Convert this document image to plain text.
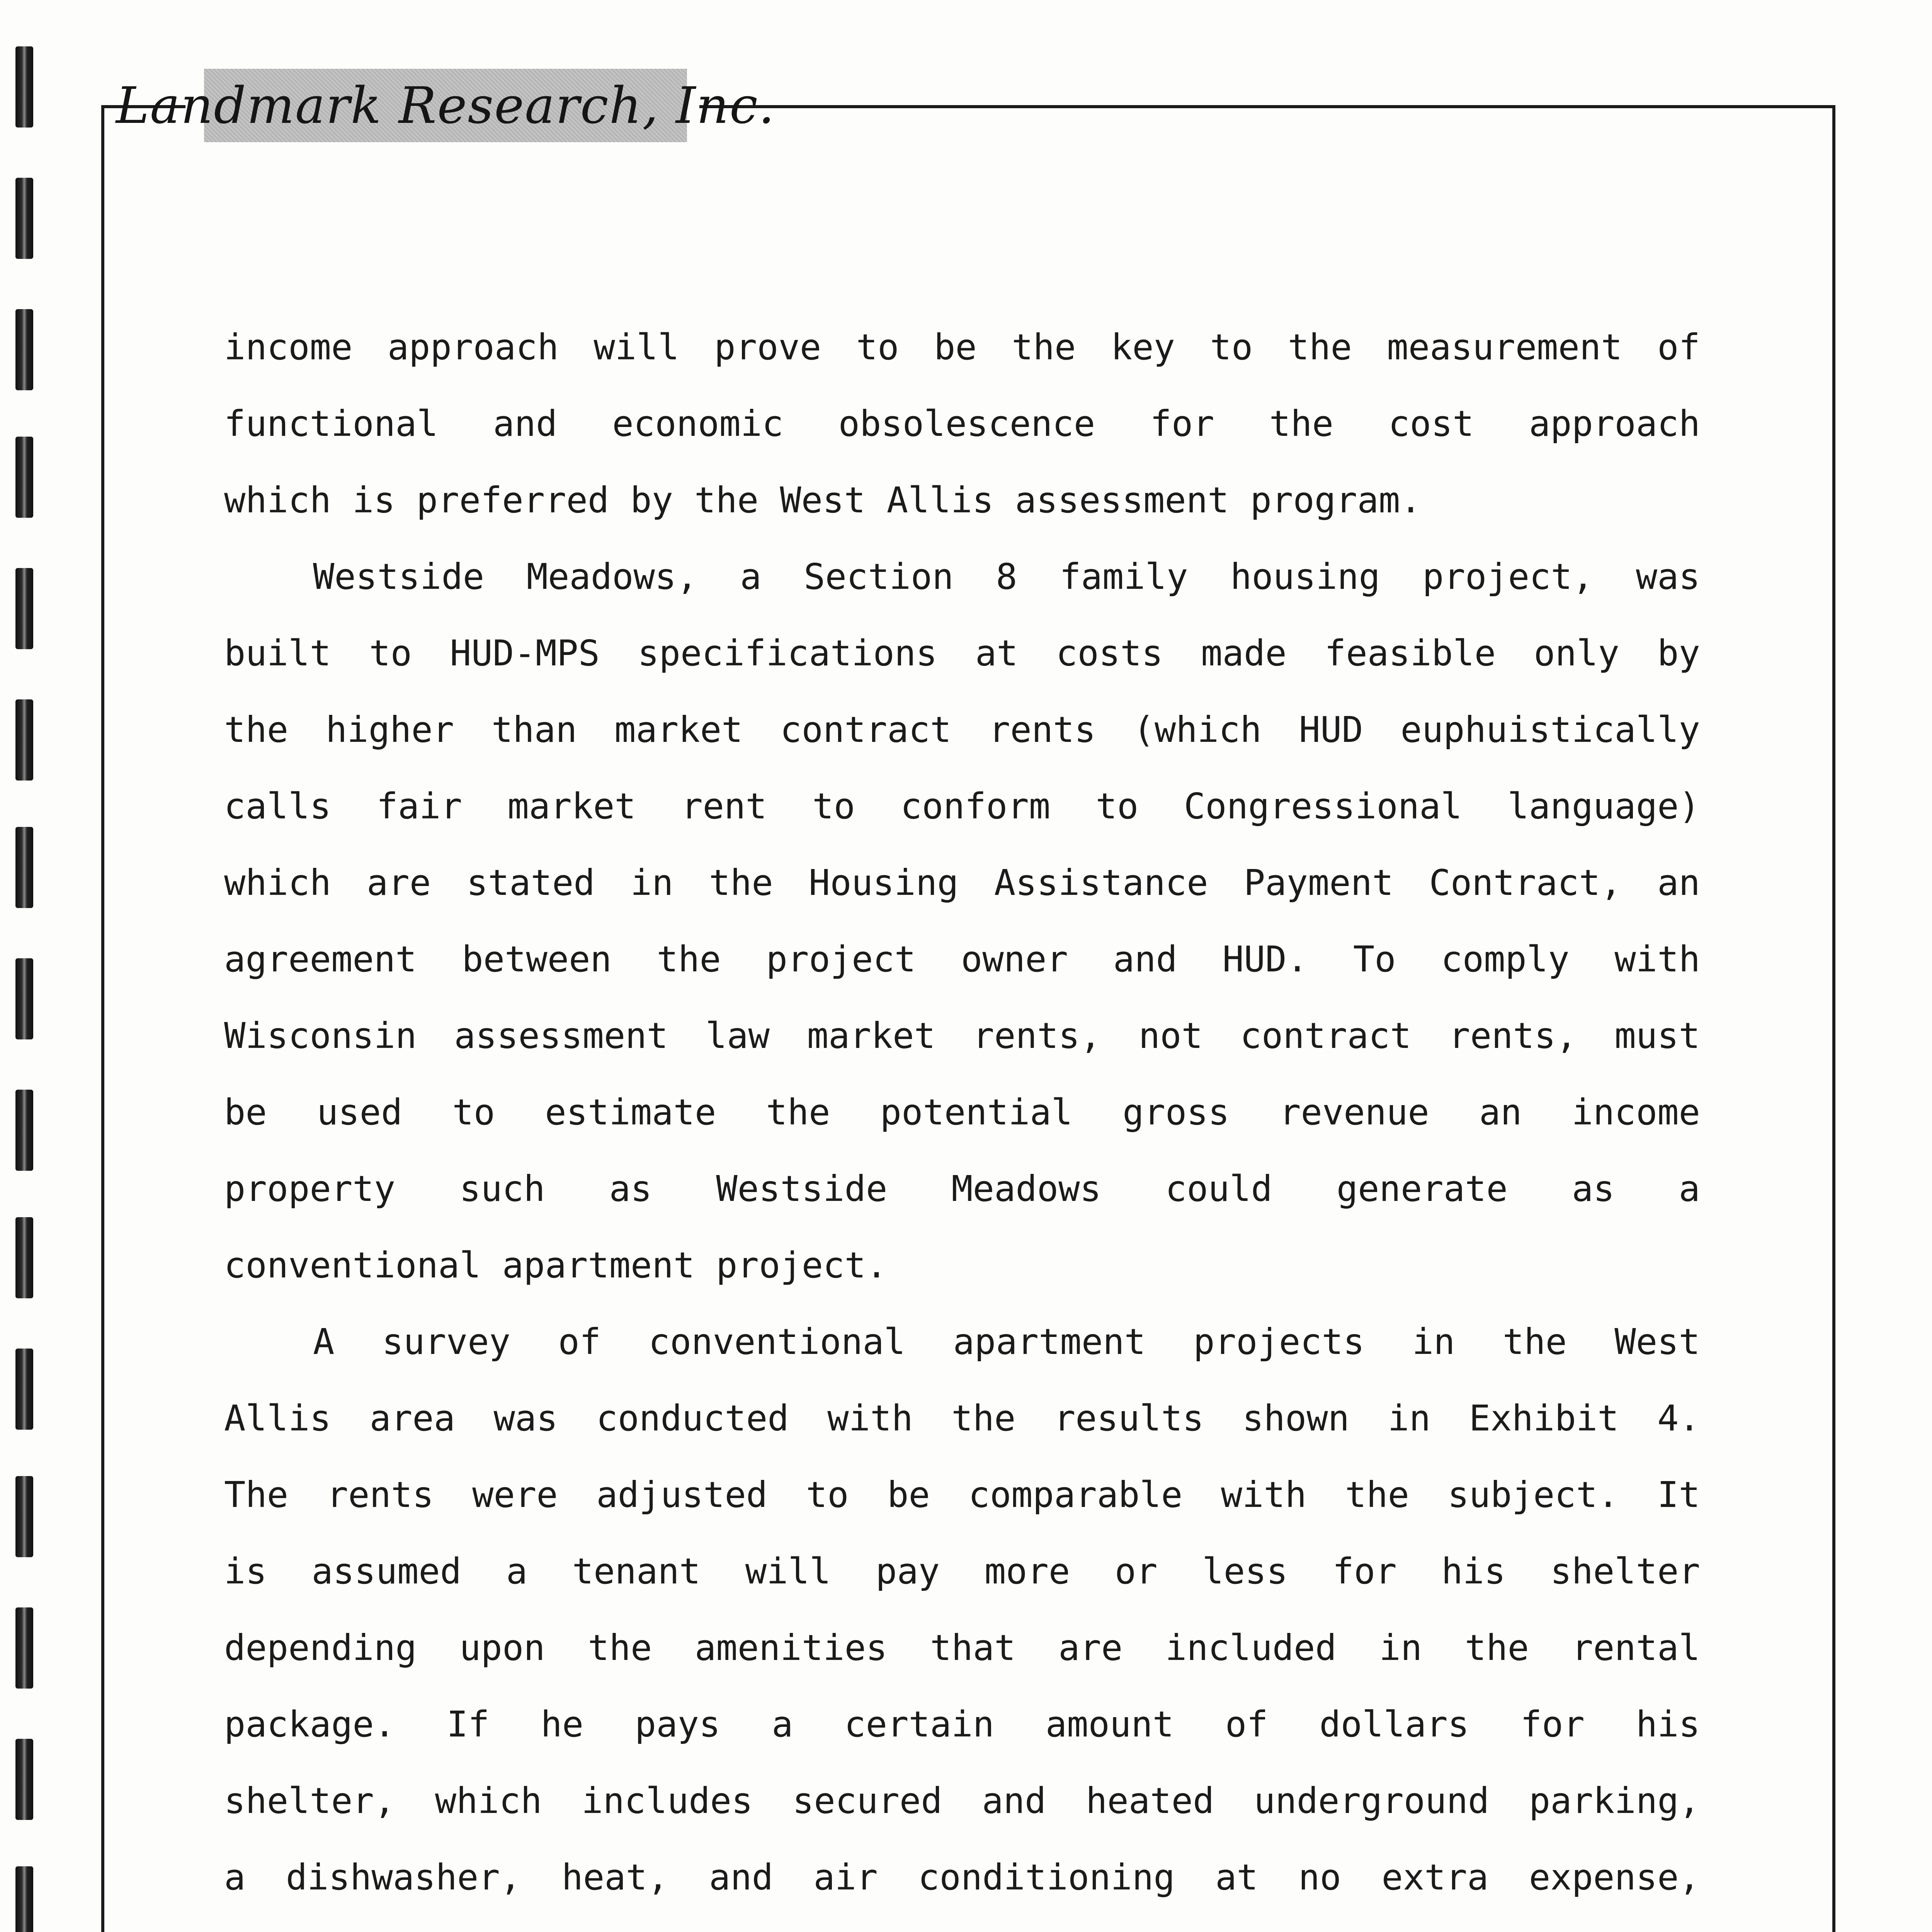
Landmark Research, Inc.
income approach will prove to be the key to the measurement of
functional and economic obsolescence for the cost approach
which is preferred by the West Allis assessment program.
Westside Meadows, a Section 8 family housing project, was
built to HUD-MPS specifications at costs made feasible only by
the higher than market contract rents (which HUD euphuistically
calls fair market rent to conform to Congressional language)
which are stated in the Housing Assistance Payment Contract, an
agreement between the project owner and HUD. To comply with
Wisconsin assessment law market rents, not contract rents, must
be used to estimate the potential gross revenue an income
property such as Westside Meadows could generate as a
conventional apartment project.
A survey of conventional apartment projects in the West
Allis area was conducted with the results shown in Exhibit 4.
The rents were adjusted to be comparable with the subject. It
is assumed a tenant will pay more or less for his shelter
depending upon the amenities that are included in the rental
package. If he pays a certain amount of dollars for his
shelter, which includes secured and heated underground parking,
a dishwasher, heat, and air conditioning at no extra expense,
